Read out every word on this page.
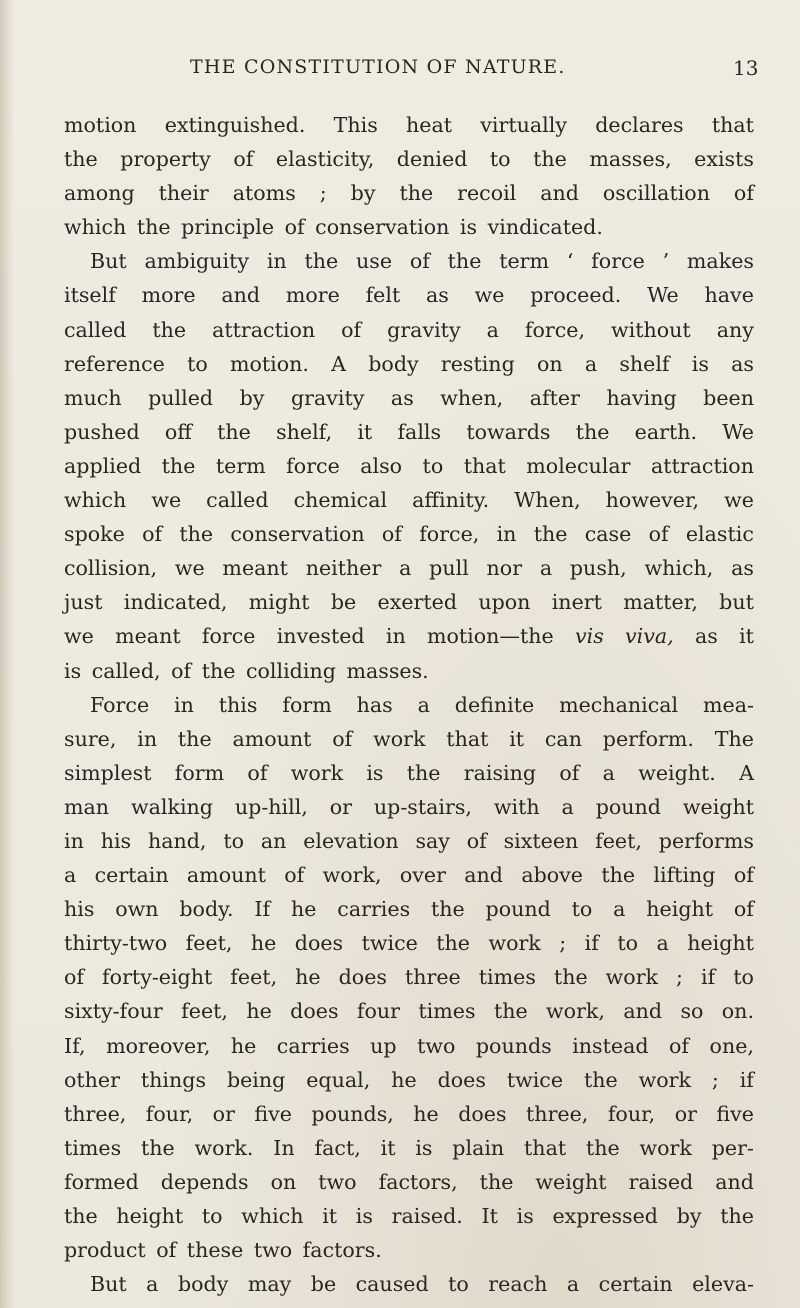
THE CONSTITUTION OF NATURE.	13
motion extinguished. This heat virtually declares that
the property of elasticity, denied to the masses, exists
among their atoms ; by the recoil and oscillation of
which the principle of conservation is vindicated.
But ambiguity in the use of the term ‘ force ’ makes
itself more and more felt as we proceed. We have
called the attraction of gravity a force, without any
reference to motion. A body resting on a shelf is as
much pulled by gravity as when, after having been
pushed off the shelf, it falls towards the earth. We
applied the term force also to that molecular attraction
which we called chemical affinity. When, however, we
spoke of the conservation of force, in the case of elastic
collision, we meant neither a pull nor a push, which, as
just indicated, might be exerted upon inert matter, but
we meant force invested in motion—the vis viva, as it
is called, of the colliding masses.
Force in this form has a definite mechanical mea-
sure, in the amount of work that it can perform. The
simplest form of work is the raising of a weight. A
man walking up-hill, or up-stairs, with a pound weight
in his hand, to an elevation say of sixteen feet, performs
a certain amount of work, over and above the lifting of
his own body. If he carries the pound to a height of
thirty-two feet, he does twice the work ; if to a height
of forty-eight feet, he does three times the work ; if to
sixty-four feet, he does four times the work, and so on.
If, moreover, he carries up two pounds instead of one,
other things being equal, he does twice the work ; if
three, four, or five pounds, he does three, four, or five
times the work. In fact, it is plain that the work per-
formed depends on two factors, the weight raised and
the height to which it is raised. It is expressed by the
product of these two factors.
But a body may be caused to reach a certain eleva-
